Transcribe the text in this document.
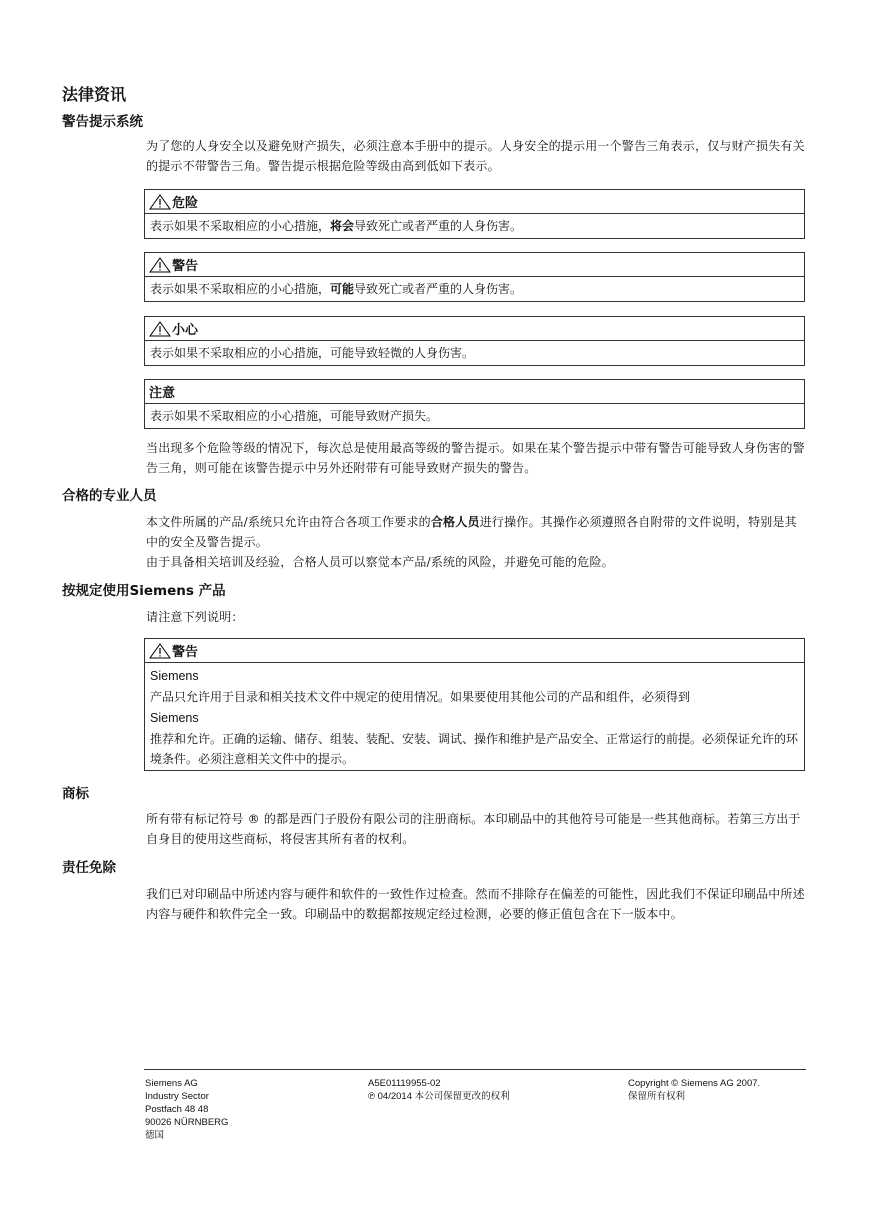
法律资讯
警告提示系统
为了您的人身安全以及避免财产损失，必须注意本手册中的提示。人身安全的提示用一个警告三角表示，仅与财产损失有关的提示不带警告三角。警告提示根据危险等级由高到低如下表示。
危险
表示如果不采取相应的小心措施，将会导致死亡或者严重的人身伤害。
警告
表示如果不采取相应的小心措施，可能导致死亡或者严重的人身伤害。
小心
表示如果不采取相应的小心措施，可能导致轻微的人身伤害。
注意
表示如果不采取相应的小心措施，可能导致财产损失。
当出现多个危险等级的情况下，每次总是使用最高等级的警告提示。如果在某个警告提示中带有警告可能导致人身伤害的警告三角，则可能在该警告提示中另外还附带有可能导致财产损失的警告。
合格的专业人员
本文件所属的产品/系统只允许由符合各项工作要求的合格人员进行操作。其操作必须遵照各自附带的文件说明，特别是其中的安全及警告提示。
由于具备相关培训及经验，合格人员可以察觉本产品/系统的风险，并避免可能的危险。
按规定使用Siemens 产品
请注意下列说明：
警告
Siemens
产品只允许用于目录和相关技术文件中规定的使用情况。如果要使用其他公司的产品和组件，必须得到
Siemens
推荐和允许。正确的运输、储存、组装、装配、安装、调试、操作和维护是产品安全、正常运行的前提。必须保证允许的环境条件。必须注意相关文件中的提示。
商标
所有带有标记符号 ® 的都是西门子股份有限公司的注册商标。本印刷品中的其他符号可能是一些其他商标。若第三方出于自身目的使用这些商标，将侵害其所有者的权利。
责任免除
我们已对印刷品中所述内容与硬件和软件的一致性作过检查。然而不排除存在偏差的可能性，因此我们不保证印刷品中所述内容与硬件和软件完全一致。印刷品中的数据都按规定经过检测，必要的修正值包含在下一版本中。
Siemens AG
Industry Sector
Postfach 48 48
90026 NÜRNBERG
德国
A5E01119955-02
℗ 04/2014 本公司保留更改的权利
Copyright © Siemens AG 2007.
保留所有权利
